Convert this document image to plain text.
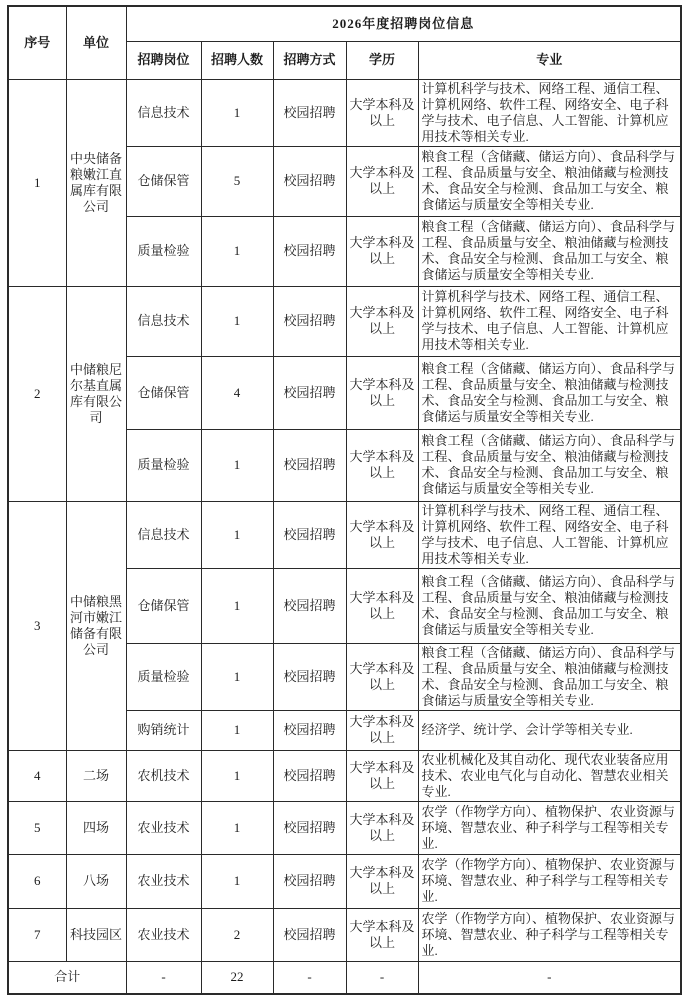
序号	单位	2026年度招聘岗位信息				
		招聘岗位	招聘人数	招聘方式	学历	专业
1	中央储备粮嫩江直属库有限公司	信息技术	1	校园招聘	大学本科及以上	计算机科学与技术、网络工程、通信工程、计算机网络、软件工程、网络安全、电子科学与技术、电子信息、人工智能、计算机应用技术等相关专业.
		仓储保管	5	校园招聘	大学本科及以上	粮食工程（含储藏、储运方向）、食品科学与工程、食品质量与安全、粮油储藏与检测技术、食品安全与检测、食品加工与安全、粮食储运与质量安全等相关专业.
		质量检验	1	校园招聘	大学本科及以上	粮食工程（含储藏、储运方向）、食品科学与工程、食品质量与安全、粮油储藏与检测技术、食品安全与检测、食品加工与安全、粮食储运与质量安全等相关专业.
2	中储粮尼尔基直属库有限公司	信息技术	1	校园招聘	大学本科及以上	计算机科学与技术、网络工程、通信工程、计算机网络、软件工程、网络安全、电子科学与技术、电子信息、人工智能、计算机应用技术等相关专业.
		仓储保管	4	校园招聘	大学本科及以上	粮食工程（含储藏、储运方向）、食品科学与工程、食品质量与安全、粮油储藏与检测技术、食品安全与检测、食品加工与安全、粮食储运与质量安全等相关专业.
		质量检验	1	校园招聘	大学本科及以上	粮食工程（含储藏、储运方向）、食品科学与工程、食品质量与安全、粮油储藏与检测技术、食品安全与检测、食品加工与安全、粮食储运与质量安全等相关专业.
3	中储粮黑河市嫩江储备有限公司	信息技术	1	校园招聘	大学本科及以上	计算机科学与技术、网络工程、通信工程、计算机网络、软件工程、网络安全、电子科学与技术、电子信息、人工智能、计算机应用技术等相关专业.
		仓储保管	1	校园招聘	大学本科及以上	粮食工程（含储藏、储运方向）、食品科学与工程、食品质量与安全、粮油储藏与检测技术、食品安全与检测、食品加工与安全、粮食储运与质量安全等相关专业.
		质量检验	1	校园招聘	大学本科及以上	粮食工程（含储藏、储运方向）、食品科学与工程、食品质量与安全、粮油储藏与检测技术、食品安全与检测、食品加工与安全、粮食储运与质量安全等相关专业.
		购销统计	1	校园招聘	大学本科及以上	经济学、统计学、会计学等相关专业.
4	二场	农机技术	1	校园招聘	大学本科及以上	农业机械化及其自动化、现代农业装备应用技术、农业电气化与自动化、智慧农业相关专业.
5	四场	农业技术	1	校园招聘	大学本科及以上	农学（作物学方向）、植物保护、农业资源与环境、智慧农业、种子科学与工程等相关专业.
6	八场	农业技术	1	校园招聘	大学本科及以上	农学（作物学方向）、植物保护、农业资源与环境、智慧农业、种子科学与工程等相关专业.
7	科技园区	农业技术	2	校园招聘	大学本科及以上	农学（作物学方向）、植物保护、农业资源与环境、智慧农业、种子科学与工程等相关专业.
合计		-	22	-	-	-
